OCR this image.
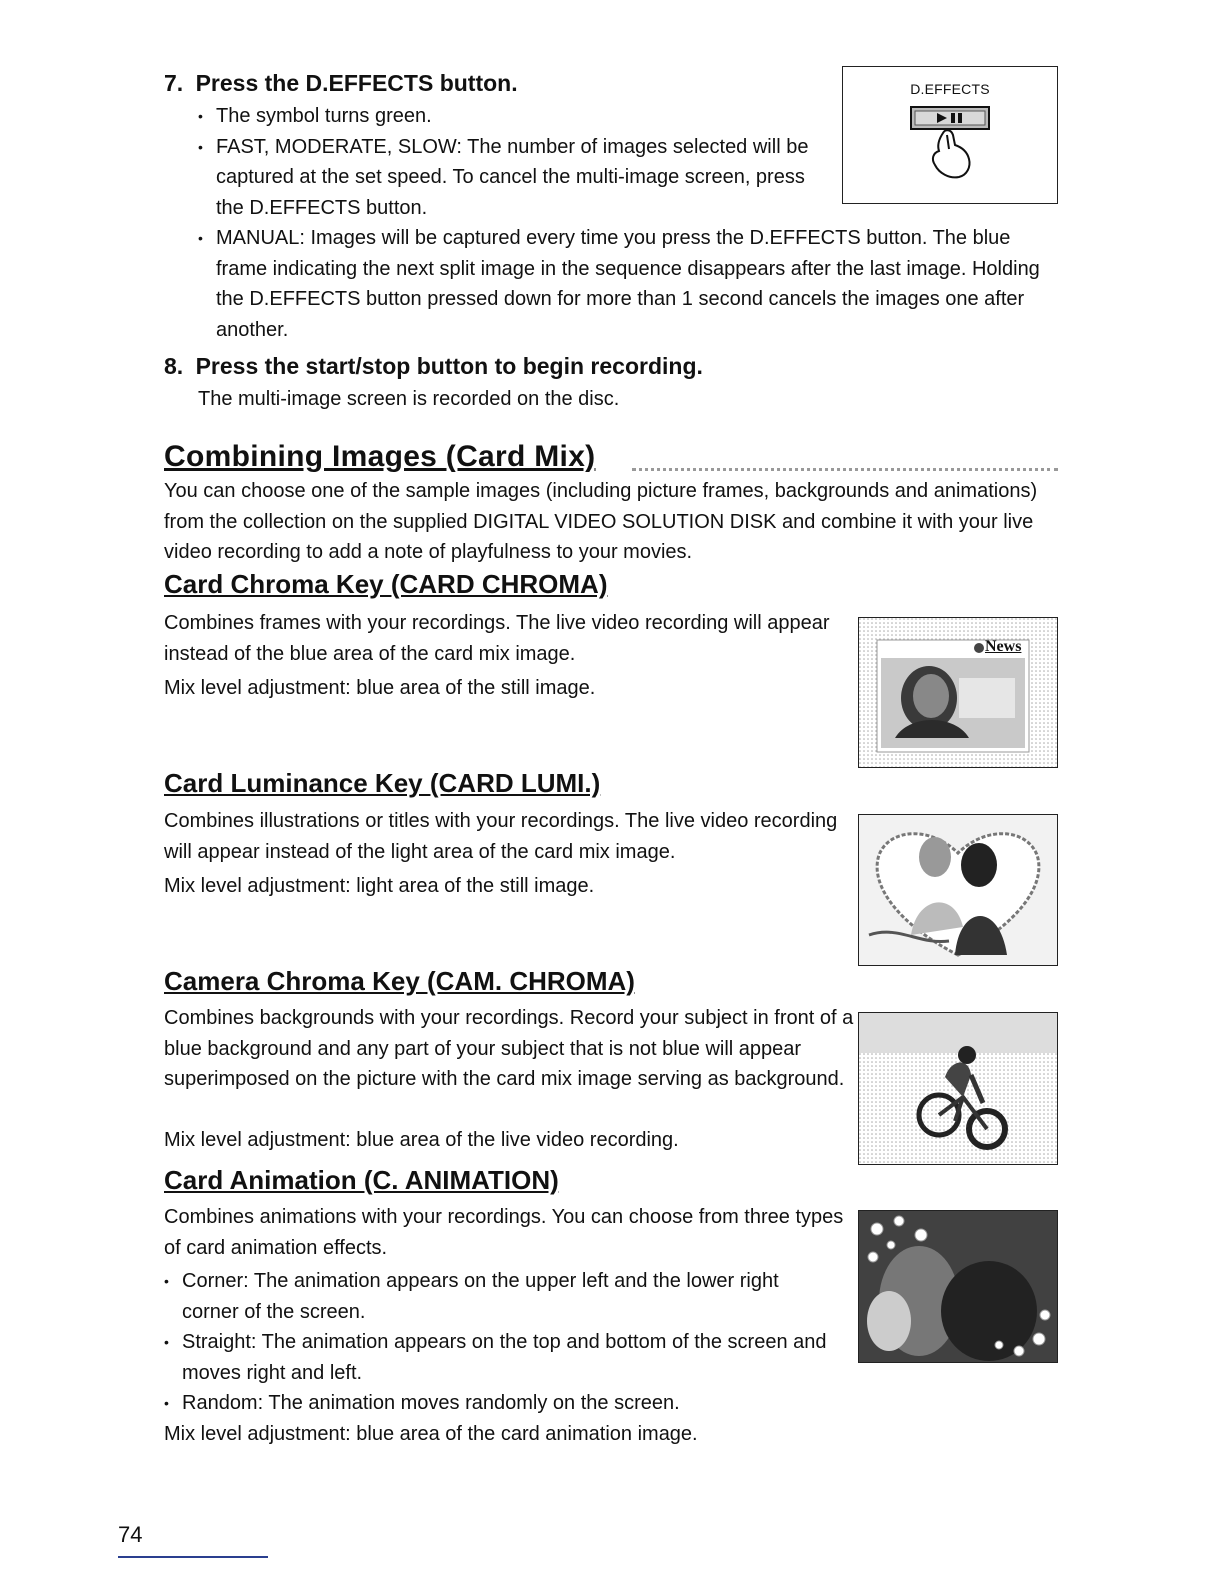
7. Press the D.EFFECTS button.
• The symbol turns green.
• FAST, MODERATE, SLOW: The number of images selected will be captured at the set speed. To cancel the multi-image screen, press the D.EFFECTS button.
• MANUAL: Images will be captured every time you press the D.EFFECTS button. The blue frame indicating the next split image in the sequence disappears after the last image. Holding the D.EFFECTS button pressed down for more than 1 second cancels the images one after another.
D.EFFECTS
8. Press the start/stop button to begin recording.

The multi-image screen is recorded on the disc.

Combining Images (Card Mix)

You can choose one of the sample images (including picture frames, backgrounds and animations) from the collection on the supplied DIGITAL VIDEO SOLUTION DISK and combine it with your live video recording to add a note of playfulness to your movies.

Card Chroma Key (CARD CHROMA)

Combines frames with your recordings. The live video recording will appear instead of the blue area of the card mix image.

Mix level adjustment: blue area of the still image.

News
Card Luminance Key (CARD LUMI.)

Combines illustrations or titles with your recordings. The live video recording will appear instead of the light area of the card mix image.

Mix level adjustment: light area of the still image.

Camera Chroma Key (CAM. CHROMA)

Combines backgrounds with your recordings. Record your subject in front of a blue background and any part of your subject that is not blue will appear superimposed on the picture with the card mix image serving as background.

Mix level adjustment: blue area of the live video recording.

Card Animation (C. ANIMATION)

Combines animations with your recordings. You can choose from three types of card animation effects.

• Corner: The animation appears on the upper left and the lower right corner of the screen.
• Straight: The animation appears on the top and bottom of the screen and moves right and left.
• Random: The animation moves randomly on the screen.

Mix level adjustment: blue area of the card animation image.

74
